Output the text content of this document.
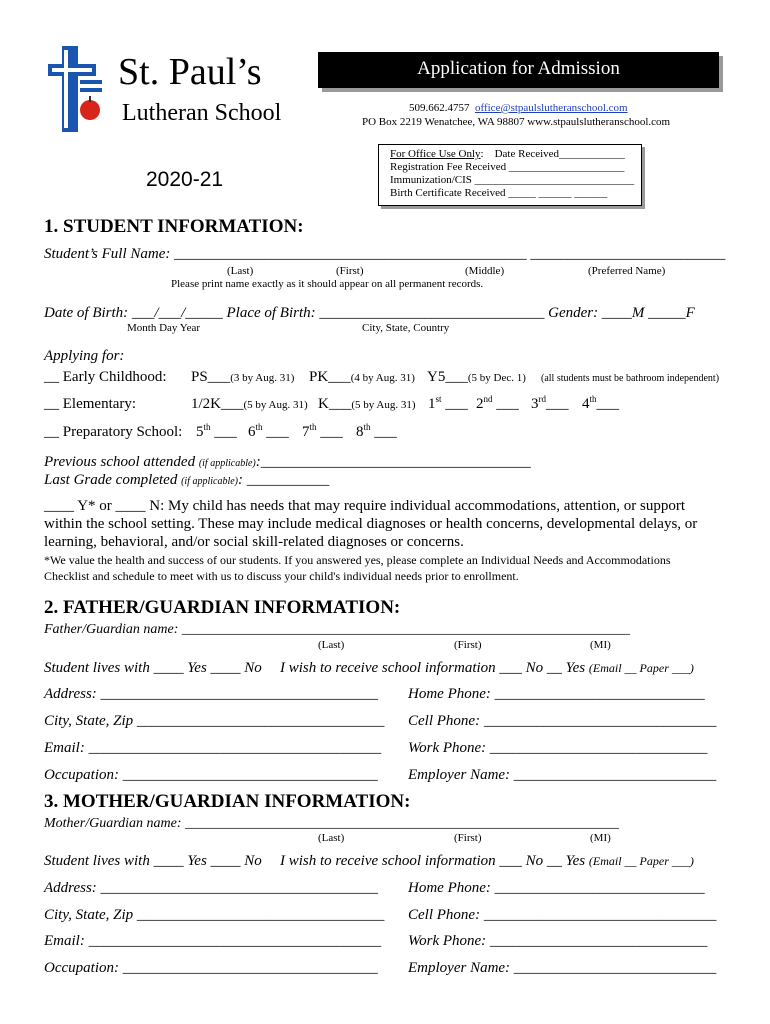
St. Paul’s
Lutheran School
2020-21
Application for Admission
509.662.4757 office@stpaulslutheranschool.com
PO Box 2219 Wenatchee, WA 98807 www.stpaulslutheranschool.com
For Office Use Only: Date Received____________
Registration Fee Received _____________________
Immunization/CIS _____________________________
Birth Certificate Received _____ ______ ______
1. STUDENT INFORMATION:
Student’s Full Name: _______________________________________________ __________________________
(Last)	(First)	(Middle)	(Preferred Name)
Please print name exactly as it should appear on all permanent records.
Date of Birth: ___/___/_____ Place of Birth: ______________________________ Gender: ____M _____F
Month Day Year	City, State, Country
Applying for:
__ Early Childhood: PS___(3 by Aug. 31) PK___(4 by Aug. 31) Y5___(5 by Dec. 1) (all students must be bathroom independent)
__ Elementary:	1/2K___(5 by Aug. 31) K___(5 by Aug. 31) 1st ___ 2nd ___ 3rd___ 4th___
__ Preparatory School: 5th ___ 6th ___ 7th ___ 8th ___
Previous school attended (if applicable):____________________________________
Last Grade completed (if applicable): ___________
____ Y* or ____ N: My child has needs that may require individual accommodations, attention, or support
within the school setting. These may include medical diagnoses or health concerns, developmental delays, or
learning, behavioral, and/or social skill-related diagnoses or concerns.
*We value the health and success of our students. If you answered yes, please complete an Individual Needs and Accommodations
Checklist and schedule to meet with us to discuss your child's individual needs prior to enrollment.
2. FATHER/GUARDIAN INFORMATION:
Father/Guardian name: ________________________________________________________________
(Last)	(First)	(MI)
Student lives with ____ Yes ____ No I wish to receive school information ___ No __ Yes (Email __ Paper ___)
Address: _____________________________________ Home Phone: ____________________________
City, State, Zip _________________________________ Cell Phone: _______________________________
Email: _______________________________________ Work Phone: _____________________________
Occupation: __________________________________ Employer Name: ___________________________
3. MOTHER/GUARDIAN INFORMATION:
Mother/Guardian name: ______________________________________________________________
(Last)	(First)	(MI)
Student lives with ____ Yes ____ No I wish to receive school information ___ No __ Yes (Email __ Paper ___)
Address: _____________________________________ Home Phone: ____________________________
City, State, Zip _________________________________ Cell Phone: _______________________________
Email: _______________________________________ Work Phone: _____________________________
Occupation: __________________________________ Employer Name: ___________________________
